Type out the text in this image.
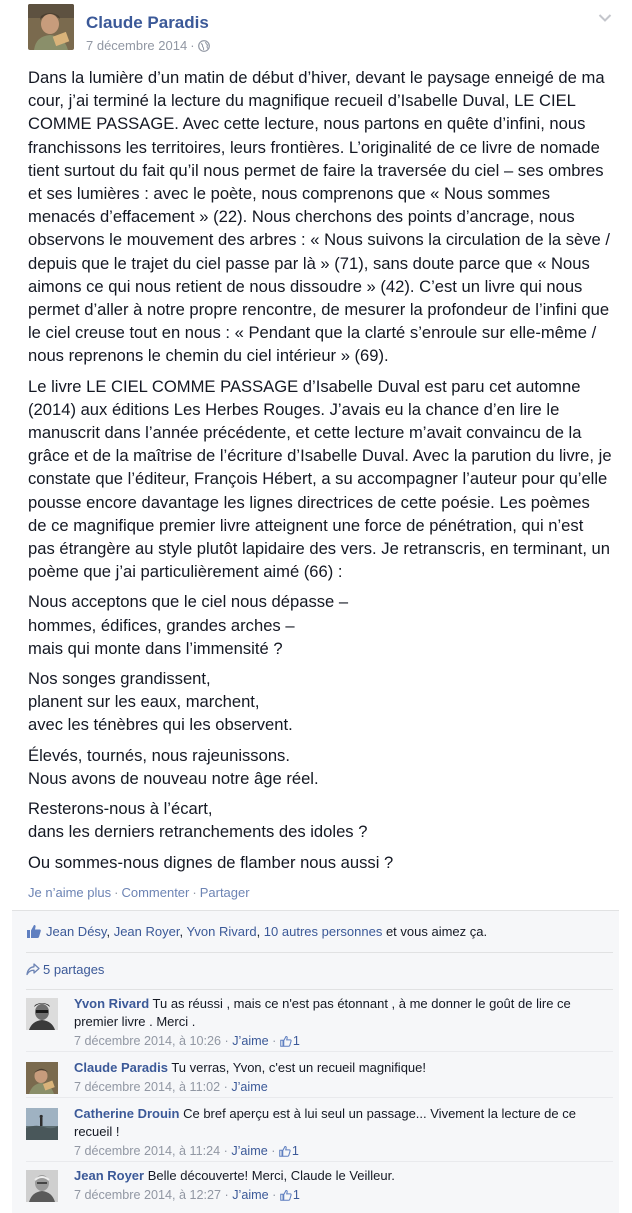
Claude Paradis
7 décembre 2014 ·

Dans la lumière d’un matin de début d’hiver, devant le paysage enneigé de ma cour, j’ai terminé la lecture du magnifique recueil d’Isabelle Duval, LE CIEL COMME PASSAGE. Avec cette lecture, nous partons en quête d’infini, nous franchissons les territoires, leurs frontières. L’originalité de ce livre de nomade tient surtout du fait qu’il nous permet de faire la traversée du ciel – ses ombres et ses lumières : avec le poète, nous comprenons que « Nous sommes menacés d’effacement » (22). Nous cherchons des points d’ancrage, nous observons le mouvement des arbres : « Nous suivons la circulation de la sève / depuis que le trajet du ciel passe par là » (71), sans doute parce que « Nous aimons ce qui nous retient de nous dissoudre » (42). C’est un livre qui nous permet d’aller à notre propre rencontre, de mesurer la profondeur de l’infini que le ciel creuse tout en nous : « Pendant que la clarté s’enroule sur elle-même / nous reprenons le chemin du ciel intérieur » (69).

Le livre LE CIEL COMME PASSAGE d’Isabelle Duval est paru cet automne (2014) aux éditions Les Herbes Rouges. J’avais eu la chance d’en lire le manuscrit dans l’année précédente, et cette lecture m’avait convaincu de la grâce et de la maîtrise de l’écriture d’Isabelle Duval. Avec la parution du livre, je constate que l’éditeur, François Hébert, a su accompagner l’auteur pour qu’elle pousse encore davantage les lignes directrices de cette poésie. Les poèmes de ce magnifique premier livre atteignent une force de pénétration, qui n’est pas étrangère au style plutôt lapidaire des vers. Je retranscris, en terminant, un poème que j’ai particulièrement aimé (66) :

Nous acceptons que le ciel nous dépasse –
hommes, édifices, grandes arches –
mais qui monte dans l’immensité ?

Nos songes grandissent,
planent sur les eaux, marchent,
avec les ténèbres qui les observent.

Élevés, tournés, nous rajeunissons.
Nous avons de nouveau notre âge réel.

Resterons-nous à l’écart,
dans les derniers retranchements des idoles ?

Ou sommes-nous dignes de flamber nous aussi ?

Je n’aime plus · Commenter · Partager
Jean Désy, Jean Royer, Yvon Rivard, 10 autres personnes et vous aimez ça.
5 partages
Yvon Rivard Tu as réussi , mais ce n'est pas étonnant , à me donner le goût de lire ce premier livre . Merci .
7 décembre 2014, à 10:26 · J’aime · 1
Claude Paradis Tu verras, Yvon, c'est un recueil magnifique!
7 décembre 2014, à 11:02 · J’aime
Catherine Drouin Ce bref aperçu est à lui seul un passage... Vivement la lecture de ce recueil !
7 décembre 2014, à 11:24 · J’aime · 1
Jean Royer Belle découverte! Merci, Claude le Veilleur.
7 décembre 2014, à 12:27 · J’aime · 1
